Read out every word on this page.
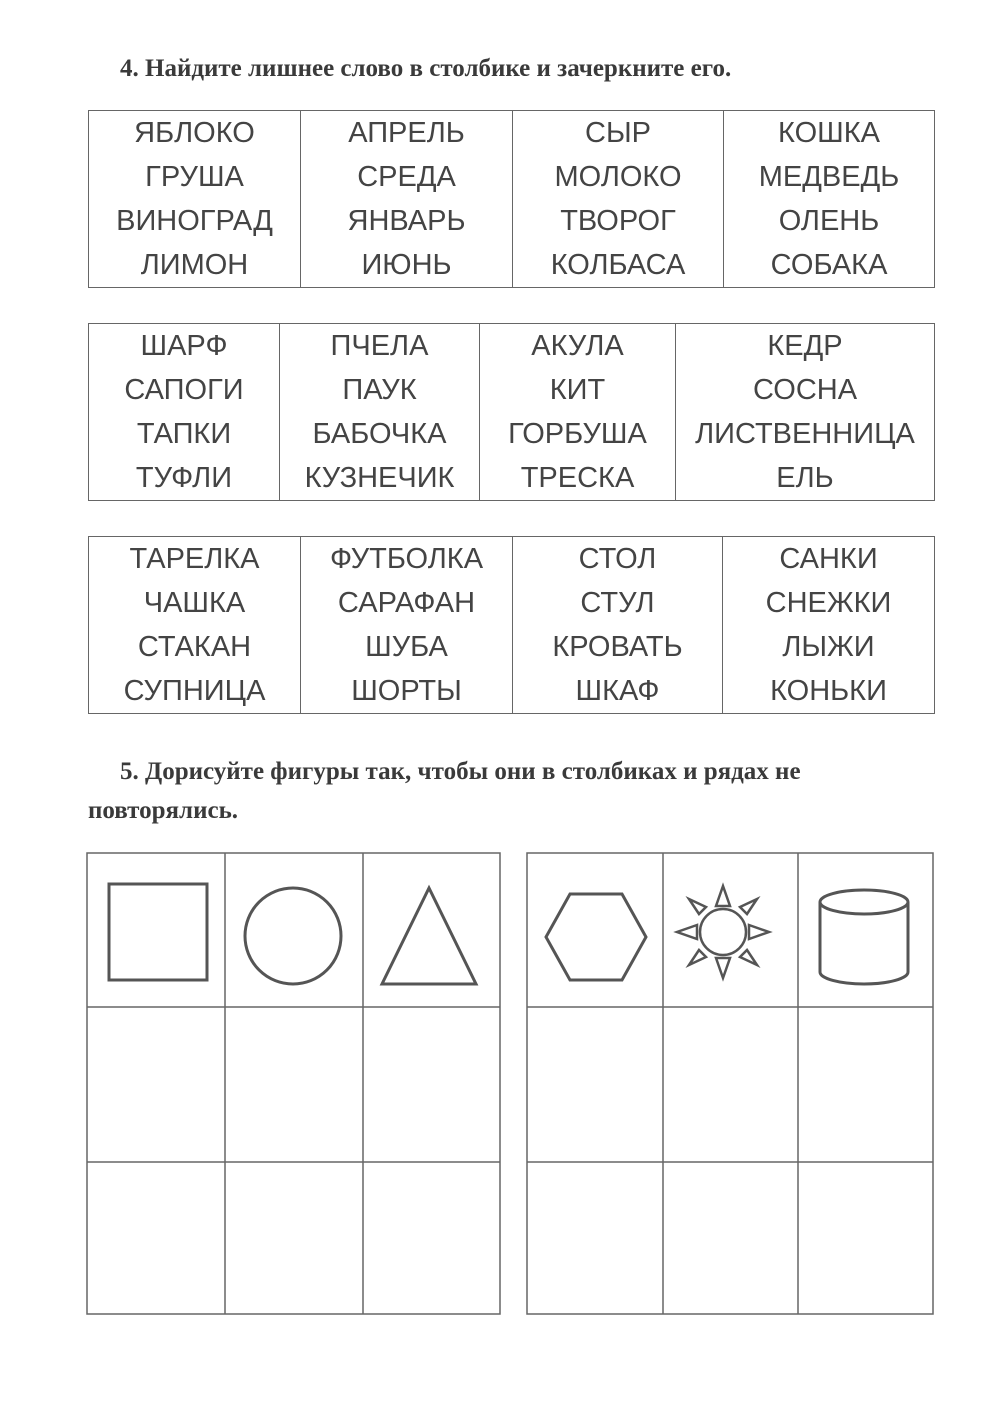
4. Найдите лишнее слово в столбике и зачеркните его.
ЯБЛОКО
ГРУША
ВИНОГРАД
ЛИМОН

АПРЕЛЬ
СРЕДА
ЯНВАРЬ
ИЮНЬ

СЫР
МОЛОКО
ТВОРОГ
КОЛБАСА

КОШКА
МЕДВЕДЬ
ОЛЕНЬ
СОБАКА
ШАРФ
САПОГИ
ТАПКИ
ТУФЛИ

ПЧЕЛА
ПАУК
БАБОЧКА
КУЗНЕЧИК

АКУЛА
КИТ
ГОРБУША
ТРЕСКА

КЕДР
СОСНА
ЛИСТВЕННИЦА
ЕЛЬ
ТАРЕЛКА
ЧАШКА
СТАКАН
СУПНИЦА

ФУТБОЛКА
САРАФАН
ШУБА
ШОРТЫ

СТОЛ
СТУЛ
КРОВАТЬ
ШКАФ

САНКИ
СНЕЖКИ
ЛЫЖИ
КОНЬКИ

5. Дорисуйте фигуры так, чтобы они в столбиках и рядах не повторялись.
